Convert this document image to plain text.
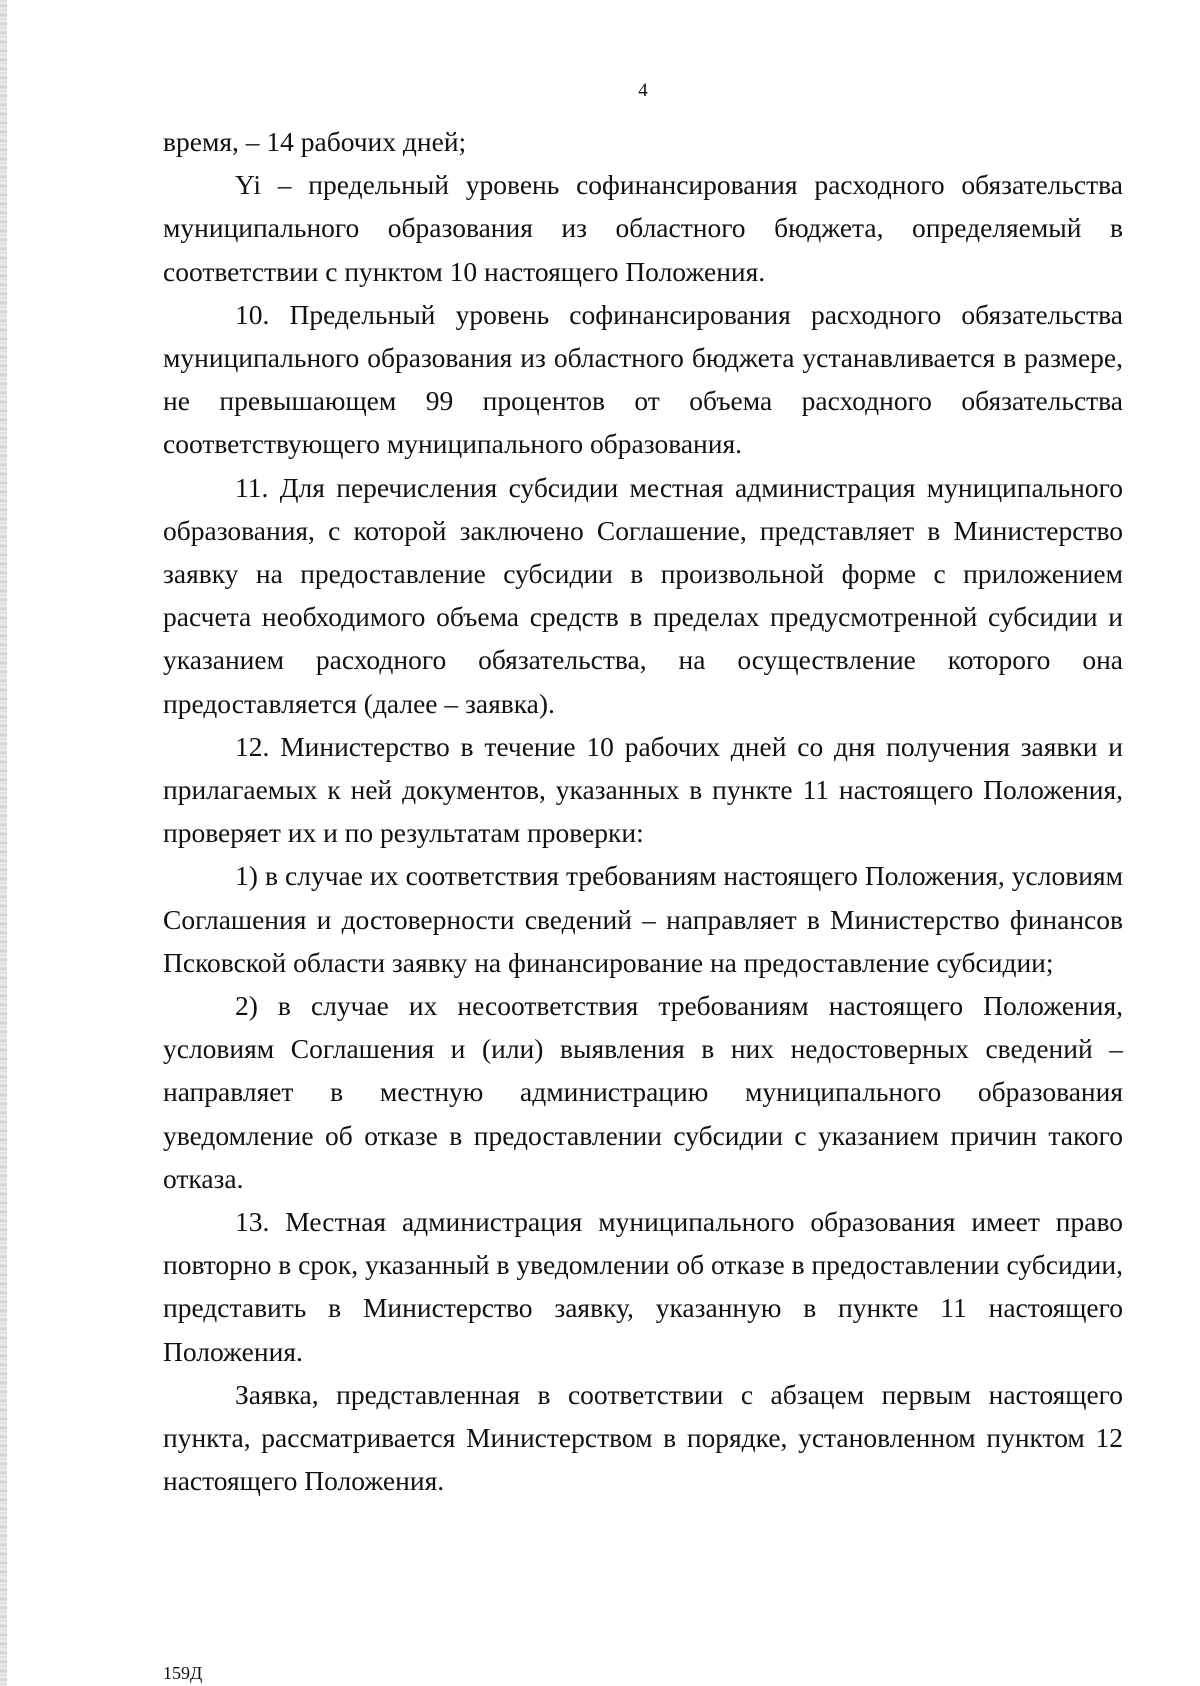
4

время, – 14 рабочих дней;

Yi – предельный уровень софинансирования расходного обязательства муниципального образования из областного бюджета, определяемый в соответствии с пунктом 10 настоящего Положения.

10. Предельный уровень софинансирования расходного обязательства муниципального образования из областного бюджета устанавливается в размере, не превышающем 99 процентов от объема расходного обязательства соответствующего муниципального образования.

11. Для перечисления субсидии местная администрация муниципального образования, с которой заключено Соглашение, представляет в Министерство заявку на предоставление субсидии в произвольной форме с приложением расчета необходимого объема средств в пределах предусмотренной субсидии и указанием расходного обязательства, на осуществление которого она предоставляется (далее – заявка).

12. Министерство в течение 10 рабочих дней со дня получения заявки и прилагаемых к ней документов, указанных в пункте 11 настоящего Положения, проверяет их и по результатам проверки:

1) в случае их соответствия требованиям настоящего Положения, условиям Соглашения и достоверности сведений – направляет в Министерство финансов Псковской области заявку на финансирование на предоставление субсидии;

2) в случае их несоответствия требованиям настоящего Положения, условиям Соглашения и (или) выявления в них недостоверных сведений – направляет в местную администрацию муниципального образования уведомление об отказе в предоставлении субсидии с указанием причин такого отказа.

13. Местная администрация муниципального образования имеет право повторно в срок, указанный в уведомлении об отказе в предоставлении субсидии, представить в Министерство заявку, указанную в пункте 11 настоящего Положения.

Заявка, представленная в соответствии с абзацем первым настоящего пункта, рассматривается Министерством в порядке, установленном пунктом 12 настоящего Положения.

159Д
